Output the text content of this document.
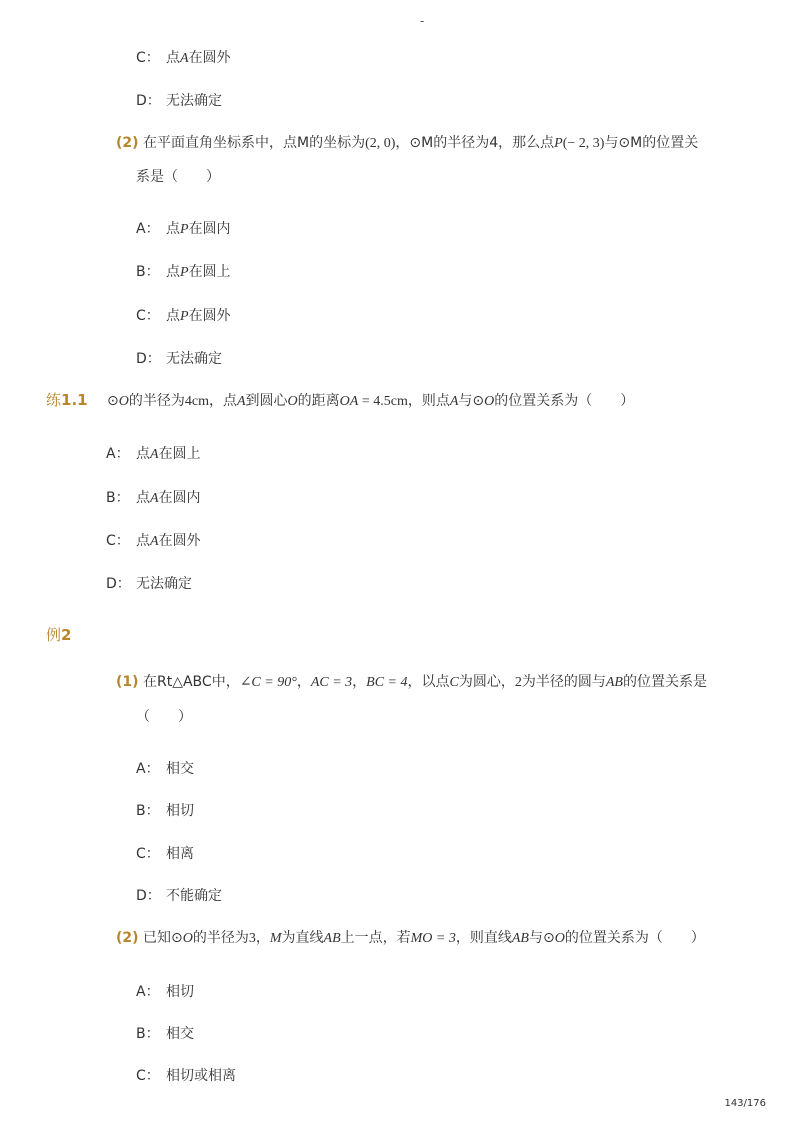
-
C： 点A在圆外
D： 无法确定
(2) 在平面直角坐标系中，点M的坐标为(2, 0)，⊙M的半径为4，那么点P(− 2, 3)与⊙M的位置关
系是（　　）
A： 点P在圆内
B： 点P在圆上
C： 点P在圆外
D： 无法确定
练1.1 ⊙O的半径为4cm，点A到圆心O的距离OA = 4.5cm，则点A与⊙O的位置关系为（　　）
A： 点A在圆上
B： 点A在圆内
C： 点A在圆外
D： 无法确定
例2
(1) 在Rt△ABC中，∠C = 90°，AC = 3，BC = 4，以点C为圆心，2为半径的圆与AB的位置关系是
（　　）
A： 相交
B： 相切
C： 相离
D： 不能确定
(2) 已知⊙O的半径为3，M为直线AB上一点，若MO = 3，则直线AB与⊙O的位置关系为（　　）
A： 相切
B： 相交
C： 相切或相离
143/176
